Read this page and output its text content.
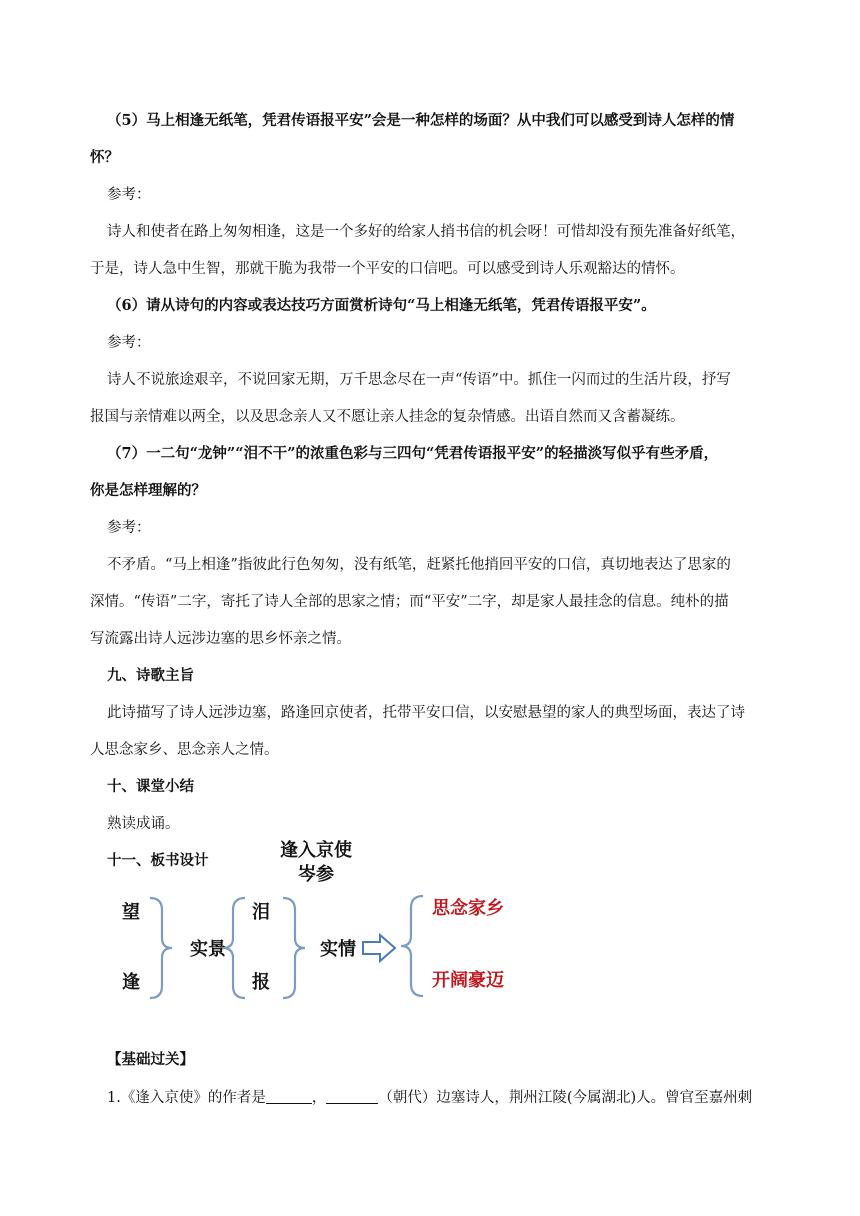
（5）马上相逢无纸笔，凭君传语报平安”会是一种怎样的场面？从中我们可以感受到诗人怎样的情
怀？
参考：
诗人和使者在路上匆匆相逢，这是一个多好的给家人捎书信的机会呀！可惜却没有预先准备好纸笔，
于是，诗人急中生智，那就干脆为我带一个平安的口信吧。可以感受到诗人乐观豁达的情怀。
（6）请从诗句的内容或表达技巧方面赏析诗句“马上相逢无纸笔，凭君传语报平安”。
参考：
诗人不说旅途艰辛，不说回家无期，万千思念尽在一声“传语”中。抓住一闪而过的生活片段，抒写
报国与亲情难以两全，以及思念亲人又不愿让亲人挂念的复杂情感。出语自然而又含蓄凝练。
（7）一二句“龙钟”“泪不干”的浓重色彩与三四句“凭君传语报平安”的轻描淡写似乎有些矛盾，
你是怎样理解的？
参考：
不矛盾。“马上相逢”指彼此行色匆匆，没有纸笔，赶紧托他捎回平安的口信，真切地表达了思家的
深情。“传语”二字，寄托了诗人全部的思家之情；而“平安”二字，却是家人最挂念的信息。纯朴的描
写流露出诗人远涉边塞的思乡怀亲之情。
九、诗歌主旨
此诗描写了诗人远涉边塞，路逢回京使者，托带平安口信，以安慰悬望的家人的典型场面，表达了诗
人思念家乡、思念亲人之情。
十、课堂小结
熟读成诵。
十一、板书设计	逢入京使
岑参
望
逢
实景
泪
报
实情
思念家乡
开阔豪迈
【基础过关】
1.《逢入京使》的作者是	，	（朝代）边塞诗人，荆州江陵(今属湖北)人。曾官至嘉州刺
